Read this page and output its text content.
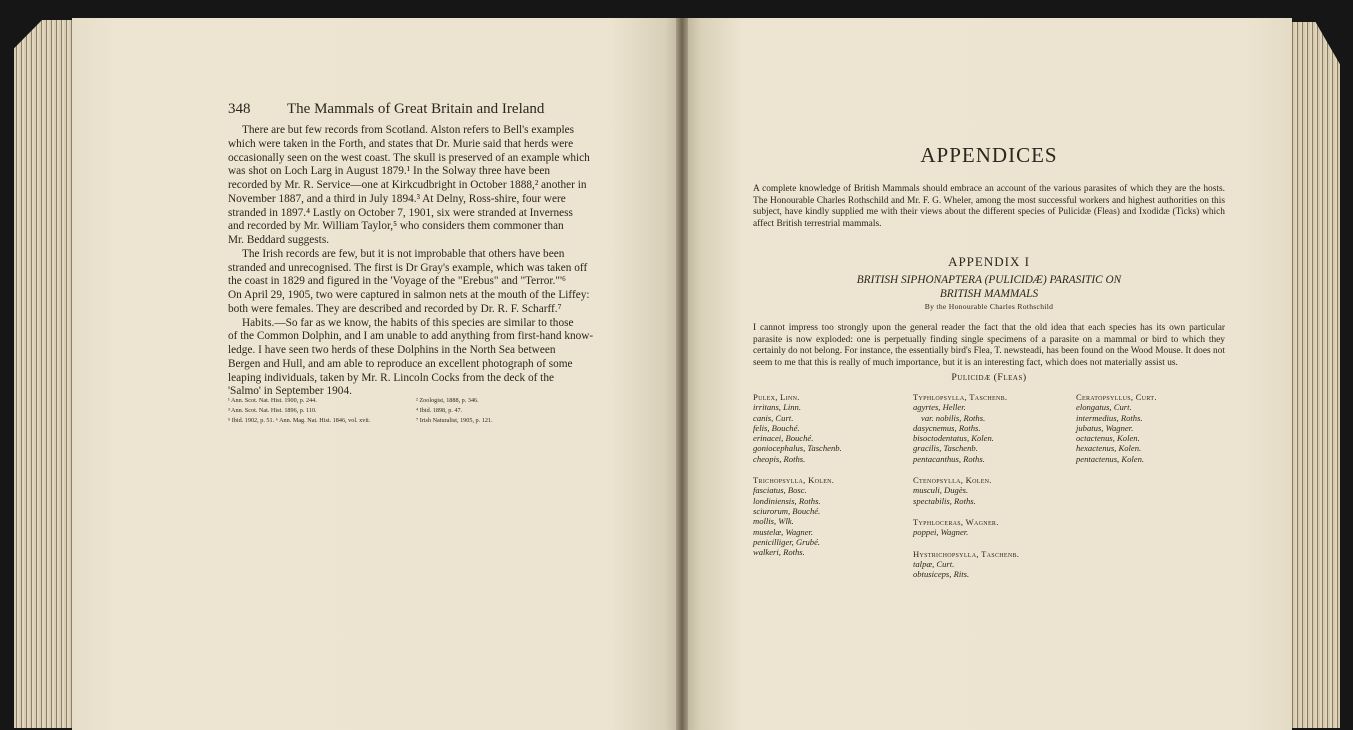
348 The Mammals of Great Britain and Ireland
There are but few records from Scotland. Alston refers to Bell's examples
which were taken in the Forth, and states that Dr. Murie said that herds were
occasionally seen on the west coast. The skull is preserved of an example which
was shot on Loch Larg in August 1879.¹ In the Solway three have been
recorded by Mr. R. Service—one at Kirkcudbright in October 1888,² another in
November 1887, and a third in July 1894.³ At Delny, Ross-shire, four were
stranded in 1897.⁴ Lastly on October 7, 1901, six were stranded at Inverness
and recorded by Mr. William Taylor,⁵ who considers them commoner than
Mr. Beddard suggests.
The Irish records are few, but it is not improbable that others have been
stranded and unrecognised. The first is Dr Gray's example, which was taken off
the coast in 1829 and figured in the 'Voyage of the "Erebus" and "Terror."'⁶
On April 29, 1905, two were captured in salmon nets at the mouth of the Liffey:
both were females. They are described and recorded by Dr. R. F. Scharff.⁷
Habits.—So far as we know, the habits of this species are similar to those
of the Common Dolphin, and I am unable to add anything from first-hand know-
ledge. I have seen two herds of these Dolphins in the North Sea between
Bergen and Hull, and am able to reproduce an excellent photograph of some
leaping individuals, taken by Mr. R. Lincoln Cocks from the deck of the
'Salmo' in September 1904.
¹ Ann. Scot. Nat. Hist. 1900, p. 244.	² Zoologist, 1888, p. 346.
³ Ann. Scot. Nat. Hist. 1896, p. 110.	⁴ Ibid. 1898, p. 47.
⁵ Ibid. 1902, p. 51. ⁶ Ann. Mag. Nat. Hist. 1846, vol. xvii.	⁷ Irish Naturalist, 1905, p. 121.
APPENDICES
A complete knowledge of British Mammals should embrace an account of the various parasites of which they are the hosts. The Honourable Charles Rothschild and Mr. F. G. Wheler, among the most successful workers and highest authorities on this subject, have kindly supplied me with their views about the different species of Pulicidæ (Fleas) and Ixodidæ (Ticks) which affect British terrestrial mammals.
APPENDIX I
BRITISH SIPHONAPTERA (PULICIDÆ) PARASITIC ON
BRITISH MAMMALS
By the Honourable Charles Rothschild
I cannot impress too strongly upon the general reader the fact that the old idea that each species has its own particular parasite is now exploded: one is perpetually finding single specimens of a parasite on a mammal or bird to which they certainly do not belong. For instance, the essentially bird's Flea, T. newsteadi, has been found on the Wood Mouse. It does not seem to me that this is really of much importance, but it is an interesting fact, which does not materially assist us.
Pulicidæ (Fleas)
Pulex, Linn.
irritans, Linn.
canis, Curt.
felis, Bouché.
erinacei, Bouché.
goniocephalus, Taschenb.
cheopis, Roths.
Trichopsylla, Kolen.
fasciatus, Bosc.
londiniensis, Roths.
sciurorum, Bouché.
mollis, Wlk.
mustelæ, Wagner.
penicilliger, Grubé.
walkeri, Roths.
Typhlopsylla, Taschenb.
agyrtes, Heller.
var. nobilis, Roths.
dasycnemus, Roths.
bisoctodentatus, Kolen.
gracilis, Taschenb.
pentacanthus, Roths.
Ctenopsylla, Kolen.
musculi, Dugès.
spectabilis, Roths.
Typhloceras, Wagner.
poppei, Wagner.
Hystrichopsylla, Taschenb.
talpæ, Curt.
obtusiceps, Rits.
Ceratopsyllus, Curt.
elongatus, Curt.
intermedius, Roths.
jubatus, Wagner.
octactenus, Kolen.
hexactenus, Kolen.
pentactenus, Kolen.
